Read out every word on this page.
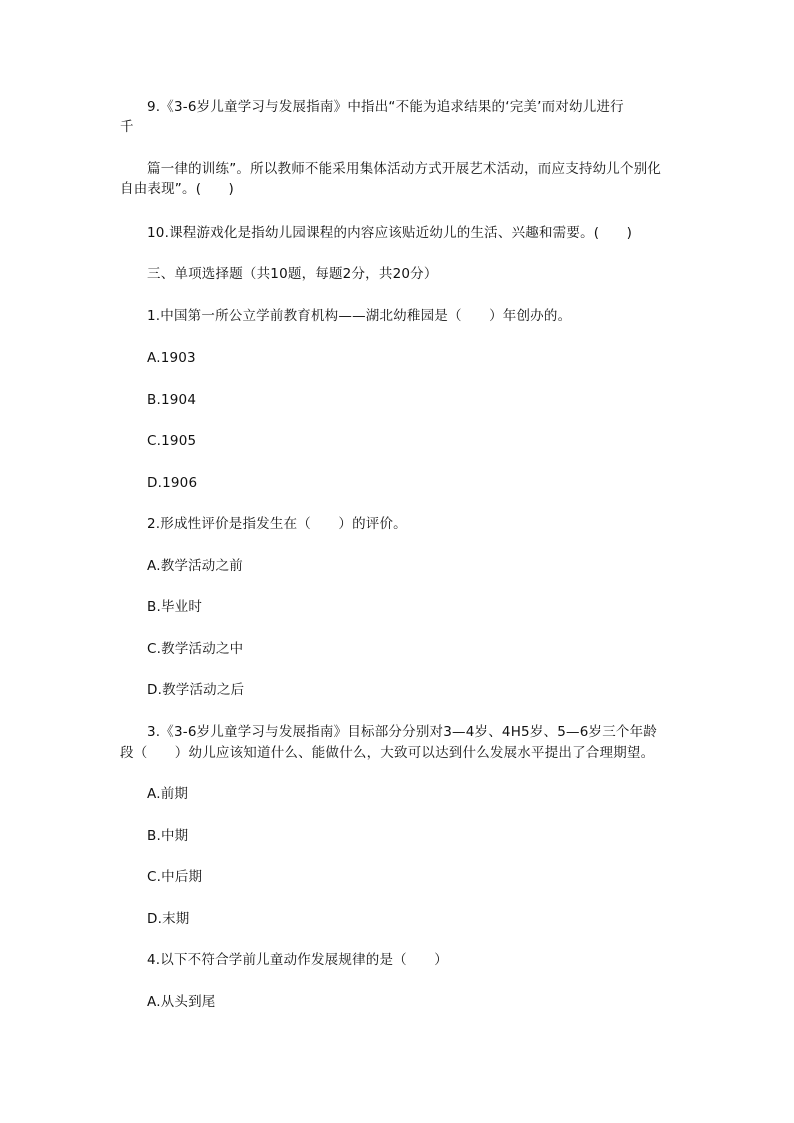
9.《3-6岁儿童学习与发展指南》中指出“不能为追求结果的‘完美’而对幼儿进行
千
篇一律的训练”。所以教师不能采用集体活动方式开展艺术活动，而应支持幼儿个别化
自由表现”。(　　)
10.课程游戏化是指幼儿园课程的内容应该贴近幼儿的生活、兴趣和需要。(　　)
三、单项选择题（共10题，每题2分，共20分）
1.中国第一所公立学前教育机构——湖北幼稚园是（　　）年创办的。
A.1903
B.1904
C.1905
D.1906
2.形成性评价是指发生在（　　）的评价。
A.教学活动之前
B.毕业时
C.教学活动之中
D.教学活动之后
3.《3-6岁儿童学习与发展指南》目标部分分别对3—4岁、4H5岁、5—6岁三个年龄
段（　　）幼儿应该知道什么、能做什么，大致可以达到什么发展水平提出了合理期望。
A.前期
B.中期
C.中后期
D.末期
4.以下不符合学前儿童动作发展规律的是（　　）
A.从头到尾
